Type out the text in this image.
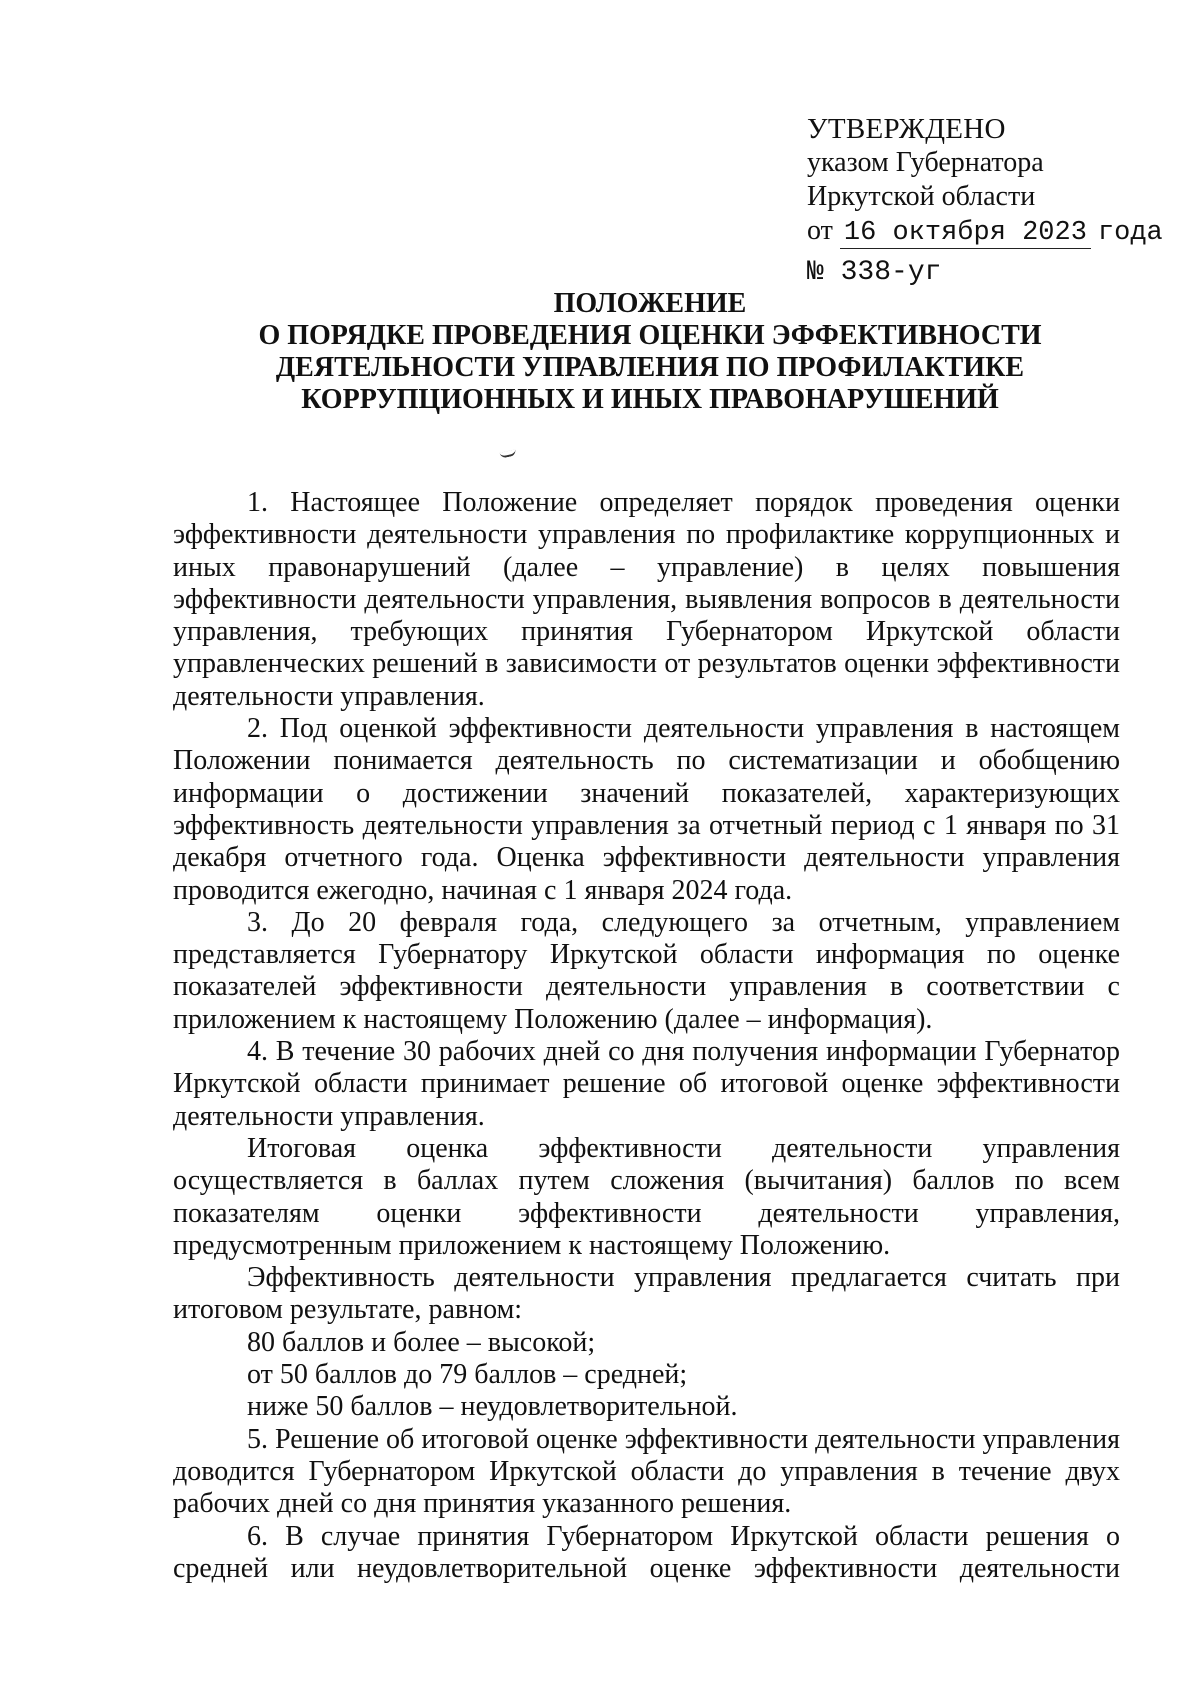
УТВЕРЖДЕНО
указом Губернатора
Иркутской области
от 16 октября 2023 года
№ 338-уг
ПОЛОЖЕНИЕ
О ПОРЯДКЕ ПРОВЕДЕНИЯ ОЦЕНКИ ЭФФЕКТИВНОСТИ
ДЕЯТЕЛЬНОСТИ УПРАВЛЕНИЯ ПО ПРОФИЛАКТИКЕ
КОРРУПЦИОННЫХ И ИНЫХ ПРАВОНАРУШЕНИЙ

1. Настоящее Положение определяет порядок проведения оценки эффективности деятельности управления по профилактике коррупционных и иных правонарушений (далее – управление) в целях повышения эффективности деятельности управления, выявления вопросов в деятельности управления, требующих принятия Губернатором Иркутской области управленческих решений в зависимости от результатов оценки эффективности деятельности управления.

2. Под оценкой эффективности деятельности управления в настоящем Положении понимается деятельность по систематизации и обобщению информации о достижении значений показателей, характеризующих эффективность деятельности управления за отчетный период с 1 января по 31 декабря отчетного года. Оценка эффективности деятельности управления проводится ежегодно, начиная с 1 января 2024 года.

3. До 20 февраля года, следующего за отчетным, управлением представляется Губернатору Иркутской области информация по оценке показателей эффективности деятельности управления в соответствии с приложением к настоящему Положению (далее – информация).

4. В течение 30 рабочих дней со дня получения информации Губернатор Иркутской области принимает решение об итоговой оценке эффективности деятельности управления.

Итоговая оценка эффективности деятельности управления осуществляется в баллах путем сложения (вычитания) баллов по всем показателям оценки эффективности деятельности управления, предусмотренным приложением к настоящему Положению.

Эффективность деятельности управления предлагается считать при итоговом результате, равном:

80 баллов и более – высокой;

от 50 баллов до 79 баллов – средней;

ниже 50 баллов – неудовлетворительной.

5. Решение об итоговой оценке эффективности деятельности управления доводится Губернатором Иркутской области до управления в течение двух рабочих дней со дня принятия указанного решения.

6. В случае принятия Губернатором Иркутской области решения о средней или неудовлетворительной оценке эффективности деятельности
